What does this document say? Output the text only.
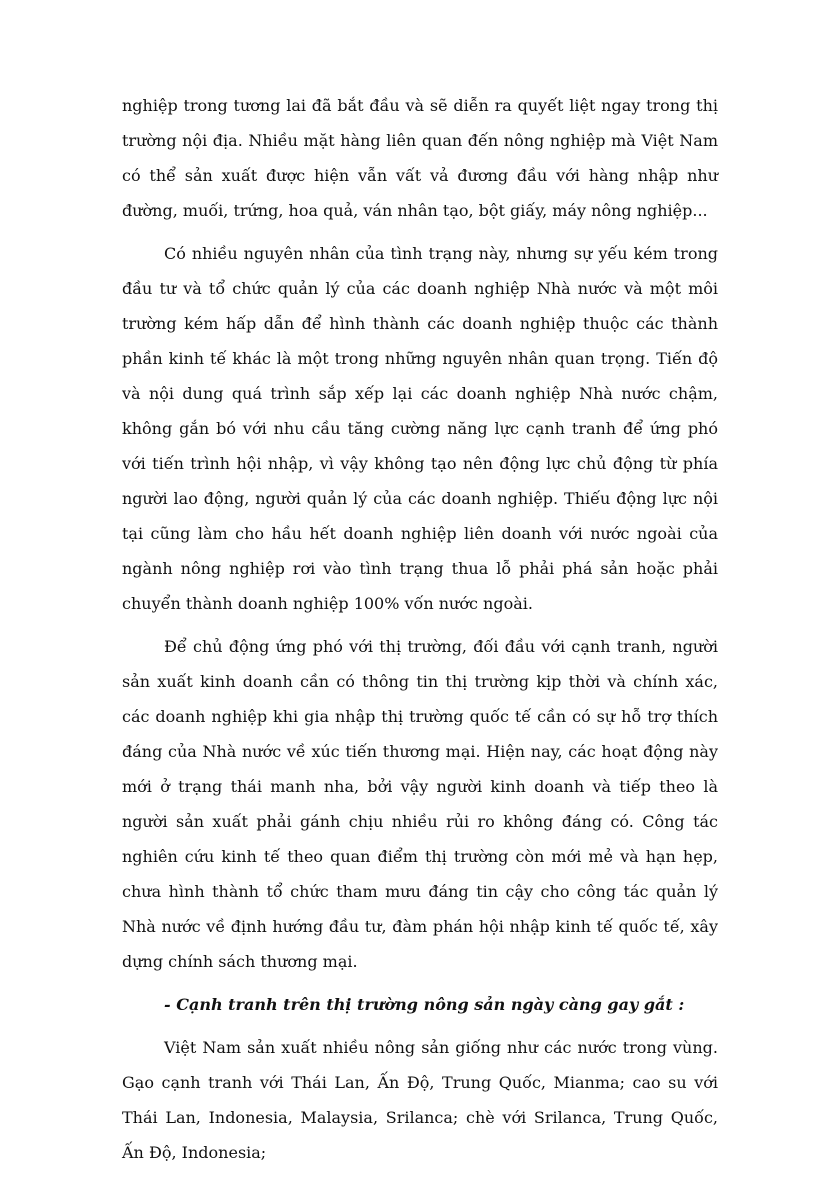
nghiệp trong tương lai đã bắt đầu và sẽ diễn ra quyết liệt ngay trong thị trường nội địa. Nhiều mặt hàng liên quan đến nông nghiệp mà Việt Nam có thể sản xuất được hiện vẫn vất vả đương đầu với hàng nhập như đường, muối, trứng, hoa quả, ván nhân tạo, bột giấy, máy nông nghiệp...

Có nhiều nguyên nhân của tình trạng này, nhưng sự yếu kém trong đầu tư và tổ chức quản lý của các doanh nghiệp Nhà nước và một môi trường kém hấp dẫn để hình thành các doanh nghiệp thuộc các thành phần kinh tế khác là một trong những nguyên nhân quan trọng. Tiến độ và nội dung quá trình sắp xếp lại các doanh nghiệp Nhà nước chậm, không gắn bó với nhu cầu tăng cường năng lực cạnh tranh để ứng phó với tiến trình hội nhập, vì vậy không tạo nên động lực chủ động từ phía người lao động, người quản lý của các doanh nghiệp. Thiếu động lực nội tại cũng làm cho hầu hết doanh nghiệp liên doanh với nước ngoài của ngành nông nghiệp rơi vào tình trạng thua lỗ phải phá sản hoặc phải chuyển thành doanh nghiệp 100% vốn nước ngoài.

Để chủ động ứng phó với thị trường, đối đầu với cạnh tranh, người sản xuất kinh doanh cần có thông tin thị trường kịp thời và chính xác, các doanh nghiệp khi gia nhập thị trường quốc tế cần có sự hỗ trợ thích đáng của Nhà nước về xúc tiến thương mại. Hiện nay, các hoạt động này mới ở trạng thái manh nha, bởi vậy người kinh doanh và tiếp theo là người sản xuất phải gánh chịu nhiều rủi ro không đáng có. Công tác nghiên cứu kinh tế theo quan điểm thị trường còn mới mẻ và hạn hẹp, chưa hình thành tổ chức tham mưu đáng tin cậy cho công tác quản lý Nhà nước về định hướng đầu tư, đàm phán hội nhập kinh tế quốc tế, xây dựng chính sách thương mại.

- Cạnh tranh trên thị trường nông sản ngày càng gay gắt :

Việt Nam sản xuất nhiều nông sản giống như các nước trong vùng. Gạo cạnh tranh với Thái Lan, Ấn Độ, Trung Quốc, Mianma; cao su với Thái Lan, Indonesia, Malaysia, Srilanca; chè với Srilanca, Trung Quốc, Ấn Độ, Indonesia;
